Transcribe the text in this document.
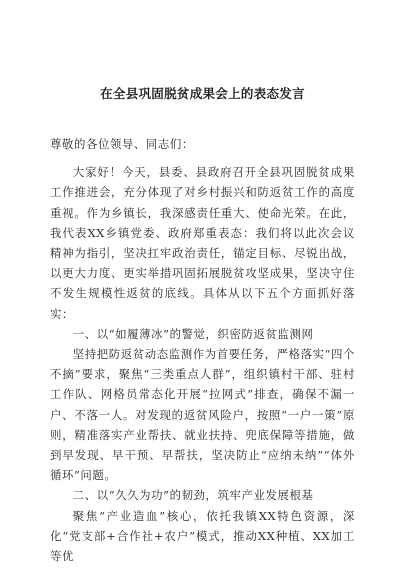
在全县巩固脱贫成果会上的表态发言

尊敬的各位领导、同志们：

大家好！今天，县委、县政府召开全县巩固脱贫成果工作推进会，充分体现了对乡村振兴和防返贫工作的高度重视。作为乡镇长，我深感责任重大、使命光荣。在此，我代表XX乡镇党委、政府郑重表态：我们将以此次会议精神为指引，坚决扛牢政治责任，锚定目标、尽锐出战，以更大力度、更实举措巩固拓展脱贫攻坚成果，坚决守住不发生规模性返贫的底线。具体从以下五个方面抓好落实：

一、以“如履薄冰”的警觉，织密防返贫监测网

坚持把防返贫动态监测作为首要任务，严格落实“四个不摘”要求，聚焦“三类重点人群”，组织镇村干部、驻村工作队、网格员常态化开展“拉网式”排查，确保不漏一户、不落一人。对发现的返贫风险户，按照“一户一策”原则，精准落实产业帮扶、就业扶持、兜底保障等措施，做到早发现、早干预、早帮扶，坚决防止“应纳未纳”“体外循环”问题。

二、以“久久为功”的韧劲，筑牢产业发展根基

聚焦“产业造血”核心，依托我镇XX特色资源，深化“党支部+合作社+农户”模式，推动XX种植、XX加工等优
